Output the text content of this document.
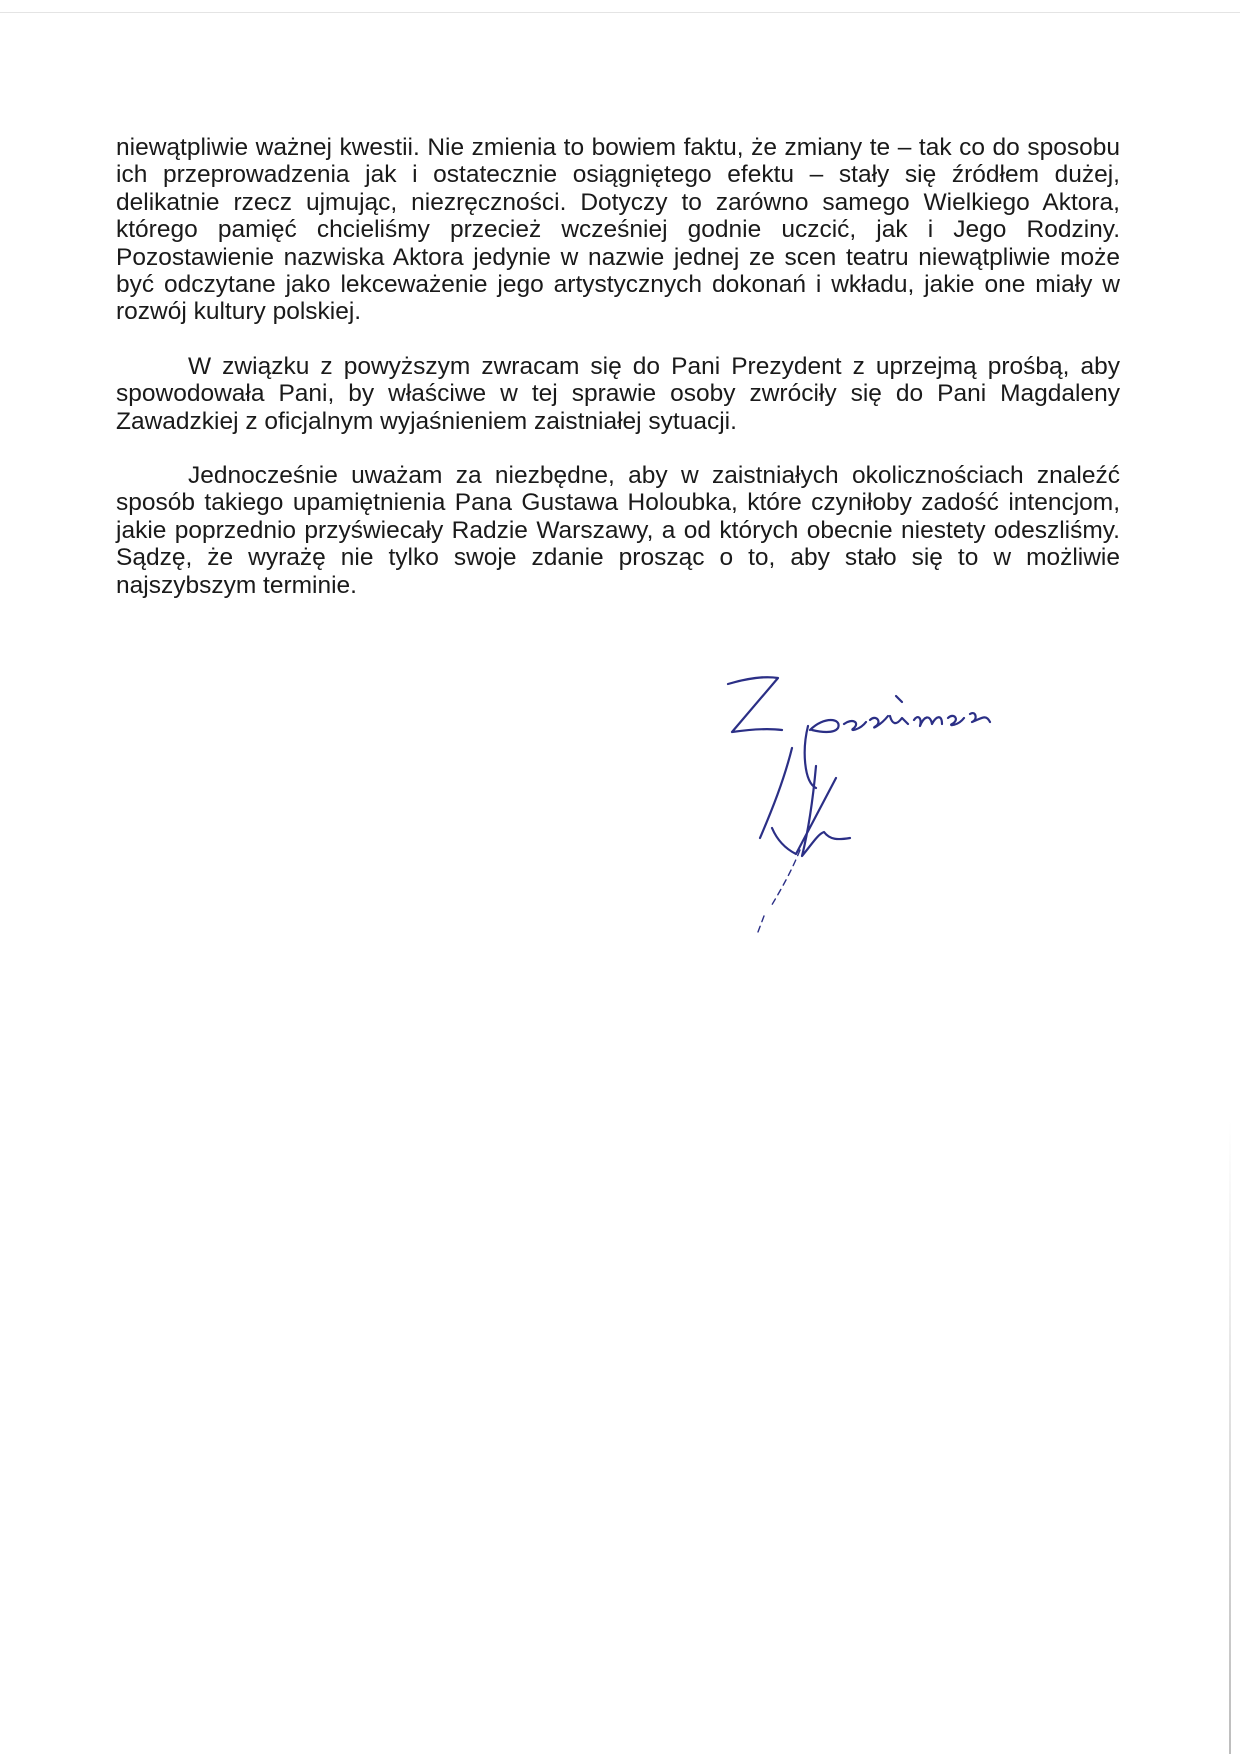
niewątpliwie ważnej kwestii. Nie zmienia to bowiem faktu, że zmiany te – tak co do sposobu ich przeprowadzenia jak i ostatecznie osiągniętego efektu – stały się źródłem dużej, delikatnie rzecz ujmując, niezręczności. Dotyczy to zarówno samego Wielkiego Aktora, którego pamięć chcieliśmy przecież wcześniej godnie uczcić, jak i Jego Rodziny. Pozostawienie nazwiska Aktora jedynie w nazwie jednej ze scen teatru niewątpliwie może być odczytane jako lekceważenie jego artystycznych dokonań i wkładu, jakie one miały w rozwój kultury polskiej.

W związku z powyższym zwracam się do Pani Prezydent z uprzejmą prośbą, aby spowodowała Pani, by właściwe w tej sprawie osoby zwróciły się do Pani Magdaleny Zawadzkiej z oficjalnym wyjaśnieniem zaistniałej sytuacji.

Jednocześnie uważam za niezbędne, aby w zaistniałych okolicznościach znaleźć sposób takiego upamiętnienia Pana Gustawa Holoubka, które czyniłoby zadość intencjom, jakie poprzednio przyświecały Radzie Warszawy, a od których obecnie niestety odeszliśmy. Sądzę, że wyrażę nie tylko swoje zdanie prosząc o to, aby stało się to w możliwie najszybszym terminie.
